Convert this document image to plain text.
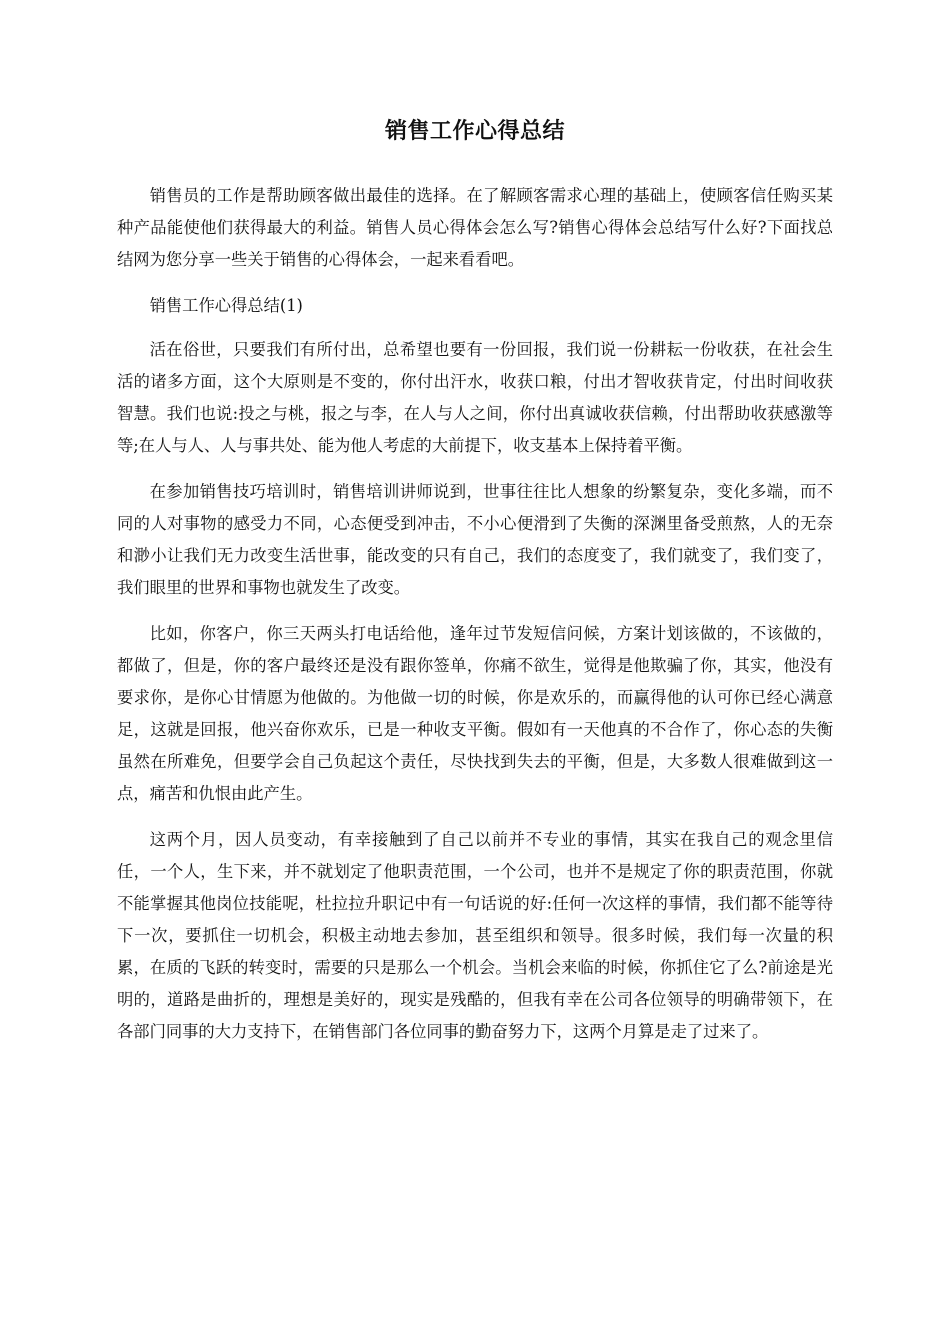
销售工作心得总结

销售员的工作是帮助顾客做出最佳的选择。在了解顾客需求心理的基础上，使顾客信任购买某种产品能使他们获得最大的利益。销售人员心得体会怎么写?销售心得体会总结写什么好?下面找总结网为您分享一些关于销售的心得体会，一起来看看吧。

销售工作心得总结(1)

活在俗世，只要我们有所付出，总希望也要有一份回报，我们说一份耕耘一份收获，在社会生活的诸多方面，这个大原则是不变的，你付出汗水，收获口粮，付出才智收获肯定，付出时间收获智慧。我们也说:投之与桃，报之与李，在人与人之间，你付出真诚收获信赖，付出帮助收获感激等等;在人与人、人与事共处、能为他人考虑的大前提下，收支基本上保持着平衡。

在参加销售技巧培训时，销售培训讲师说到，世事往往比人想象的纷繁复杂，变化多端，而不同的人对事物的感受力不同，心态便受到冲击，不小心便滑到了失衡的深渊里备受煎熬，人的无奈和渺小让我们无力改变生活世事，能改变的只有自己，我们的态度变了，我们就变了，我们变了，我们眼里的世界和事物也就发生了改变。

比如，你客户，你三天两头打电话给他，逢年过节发短信问候，方案计划该做的，不该做的，都做了，但是，你的客户最终还是没有跟你签单，你痛不欲生，觉得是他欺骗了你，其实，他没有要求你，是你心甘情愿为他做的。为他做一切的时候，你是欢乐的，而赢得他的认可你已经心满意足，这就是回报，他兴奋你欢乐，已是一种收支平衡。假如有一天他真的不合作了，你心态的失衡虽然在所难免，但要学会自己负起这个责任，尽快找到失去的平衡，但是，大多数人很难做到这一点，痛苦和仇恨由此产生。

这两个月，因人员变动，有幸接触到了自己以前并不专业的事情，其实在我自己的观念里信任，一个人，生下来，并不就划定了他职责范围，一个公司，也并不是规定了你的职责范围，你就不能掌握其他岗位技能呢，杜拉拉升职记中有一句话说的好:任何一次这样的事情，我们都不能等待下一次，要抓住一切机会，积极主动地去参加，甚至组织和领导。很多时候，我们每一次量的积累，在质的飞跃的转变时，需要的只是那么一个机会。当机会来临的时候，你抓住它了么?前途是光明的，道路是曲折的，理想是美好的，现实是残酷的，但我有幸在公司各位领导的明确带领下，在各部门同事的大力支持下，在销售部门各位同事的勤奋努力下，这两个月算是走了过来了。
